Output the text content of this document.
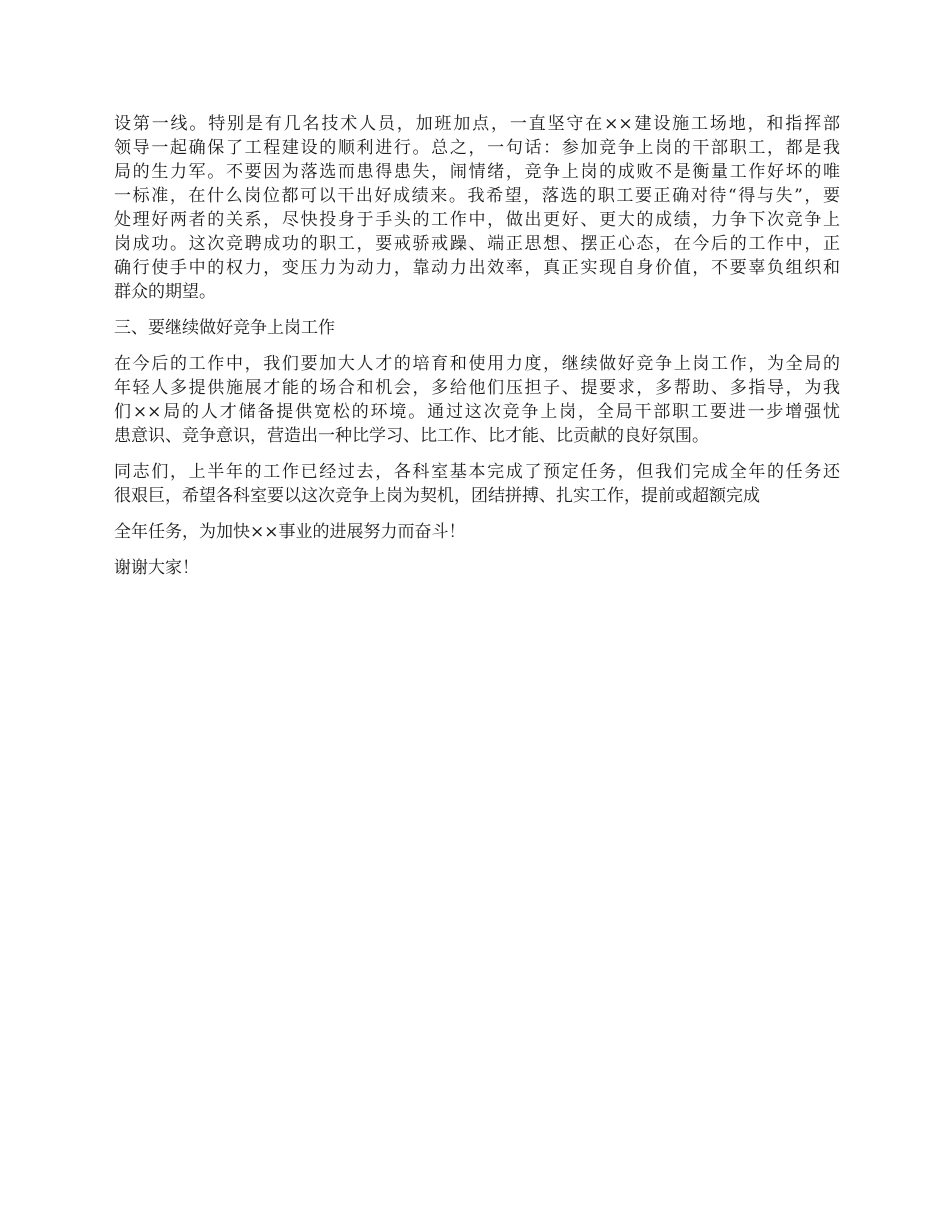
设第一线。特别是有几名技术人员，加班加点，一直坚守在××建设施工场地，和指挥部
领导一起确保了工程建设的顺利进行。总之，一句话：参加竞争上岗的干部职工，都是我
局的生力军。不要因为落选而患得患失，闹情绪，竞争上岗的成败不是衡量工作好坏的唯
一标准，在什么岗位都可以干出好成绩来。我希望，落选的职工要正确对待“得与失”，要
处理好两者的关系，尽快投身于手头的工作中，做出更好、更大的成绩，力争下次竞争上
岗成功。这次竞聘成功的职工，要戒骄戒躁、端正思想、摆正心态，在今后的工作中，正
确行使手中的权力，变压力为动力，靠动力出效率，真正实现自身价值，不要辜负组织和
群众的期望。

三、要继续做好竞争上岗工作

在今后的工作中，我们要加大人才的培育和使用力度，继续做好竞争上岗工作，为全局的
年轻人多提供施展才能的场合和机会，多给他们压担子、提要求，多帮助、多指导，为我
们××局的人才储备提供宽松的环境。通过这次竞争上岗，全局干部职工要进一步增强忧
患意识、竞争意识，营造出一种比学习、比工作、比才能、比贡献的良好氛围。

同志们，上半年的工作已经过去，各科室基本完成了预定任务，但我们完成全年的任务还
很艰巨，希望各科室要以这次竞争上岗为契机，团结拼搏、扎实工作，提前或超额完成

全年任务，为加快××事业的进展努力而奋斗！

谢谢大家！
